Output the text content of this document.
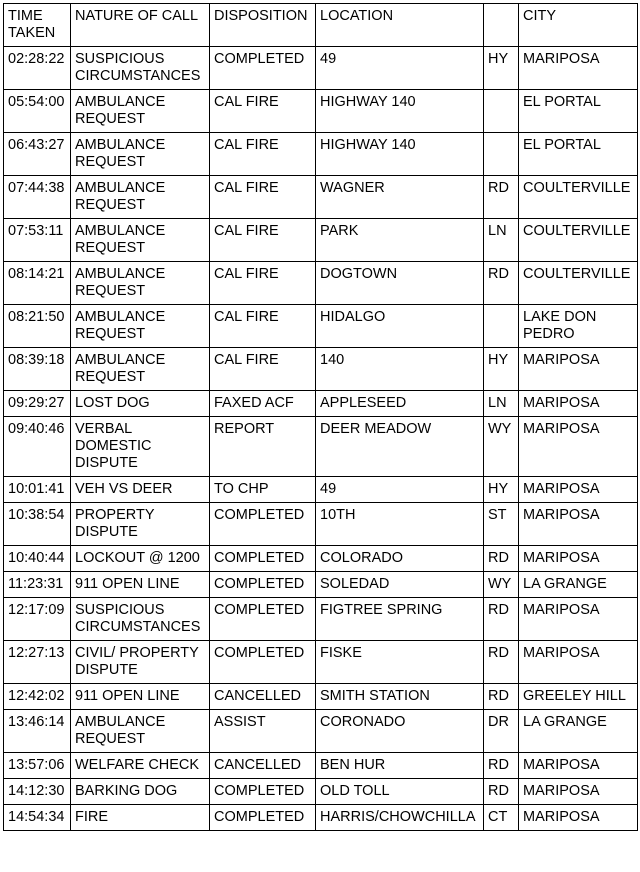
TIME
TAKEN	NATURE OF CALL	DISPOSITION	LOCATION		CITY
02:28:22	SUSPICIOUS
CIRCUMSTANCES	COMPLETED	49	HY	MARIPOSA
05:54:00	AMBULANCE
REQUEST	CAL FIRE	HIGHWAY 140		EL PORTAL
06:43:27	AMBULANCE
REQUEST	CAL FIRE	HIGHWAY 140		EL PORTAL
07:44:38	AMBULANCE
REQUEST	CAL FIRE	WAGNER	RD	COULTERVILLE
07:53:11	AMBULANCE
REQUEST	CAL FIRE	PARK	LN	COULTERVILLE
08:14:21	AMBULANCE
REQUEST	CAL FIRE	DOGTOWN	RD	COULTERVILLE
08:21:50	AMBULANCE
REQUEST	CAL FIRE	HIDALGO		LAKE DON
PEDRO
08:39:18	AMBULANCE
REQUEST	CAL FIRE	140	HY	MARIPOSA
09:29:27	LOST DOG	FAXED ACF	APPLESEED	LN	MARIPOSA
09:40:46	VERBAL
DOMESTIC
DISPUTE	REPORT	DEER MEADOW	WY	MARIPOSA
10:01:41	VEH VS DEER	TO CHP	49	HY	MARIPOSA
10:38:54	PROPERTY
DISPUTE	COMPLETED	10TH	ST	MARIPOSA
10:40:44	LOCKOUT @ 1200	COMPLETED	COLORADO	RD	MARIPOSA
11:23:31	911 OPEN LINE	COMPLETED	SOLEDAD	WY	LA GRANGE
12:17:09	SUSPICIOUS
CIRCUMSTANCES	COMPLETED	FIGTREE SPRING	RD	MARIPOSA
12:27:13	CIVIL/ PROPERTY
DISPUTE	COMPLETED	FISKE	RD	MARIPOSA
12:42:02	911 OPEN LINE	CANCELLED	SMITH STATION	RD	GREELEY HILL
13:46:14	AMBULANCE
REQUEST	ASSIST	CORONADO	DR	LA GRANGE
13:57:06	WELFARE CHECK	CANCELLED	BEN HUR	RD	MARIPOSA
14:12:30	BARKING DOG	COMPLETED	OLD TOLL	RD	MARIPOSA
14:54:34	FIRE	COMPLETED	HARRIS/CHOWCHILLA	CT	MARIPOSA
